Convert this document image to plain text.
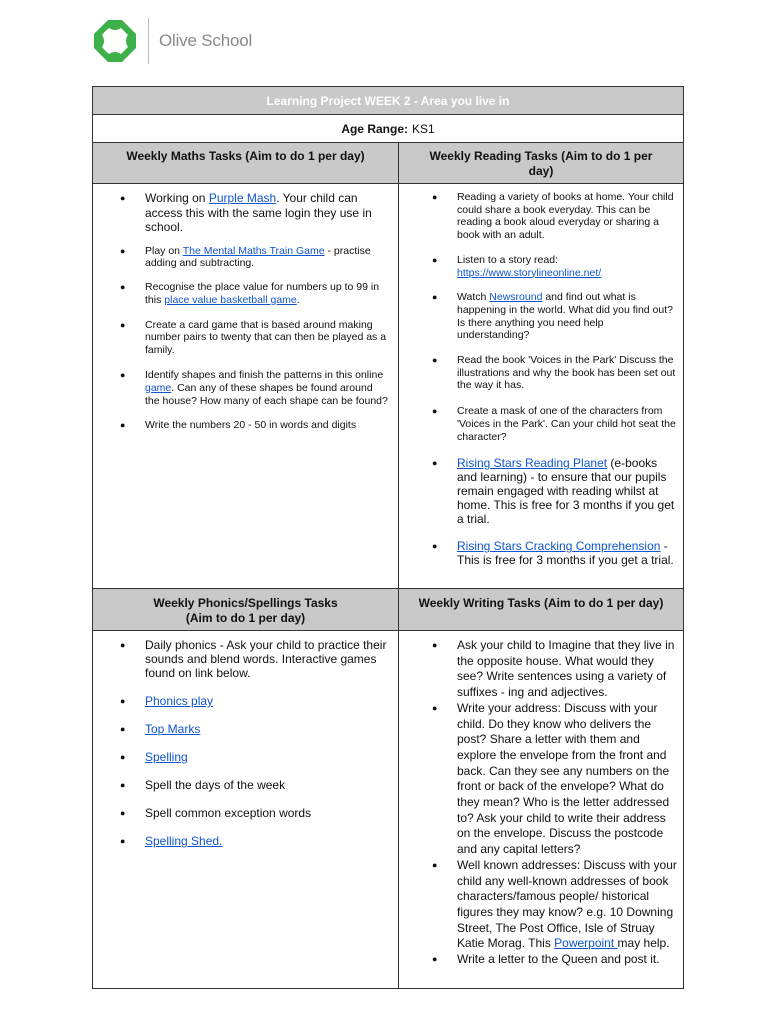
Olive School
Learning Project WEEK 2 - Area you live in
Age Range: KS1
Weekly Maths Tasks (Aim to do 1 per day)	Weekly Reading Tasks (Aim to do 1 per day)
● Working on Purple Mash. Your child can access this with the same login they use in school.
● Play on The Mental Maths Train Game - practise adding and subtracting.
● Recognise the place value for numbers up to 99 in this place value basketball game.
● Create a card game that is based around making number pairs to twenty that can then be played as a family.
● Identify shapes and finish the patterns in this online game. Can any of these shapes be found around the house? How many of each shape can be found?
● Write the numbers 20 - 50 in words and digits
● Reading a variety of books at home. Your child could share a book everyday. This can be reading a book aloud everyday or sharing a book with an adult.
● Listen to a story read: https://www.storylineonline.net/
● Watch Newsround and find out what is happening in the world. What did you find out? Is there anything you need help understanding?
● Read the book 'Voices in the Park' Discuss the illustrations and why the book has been set out the way it has.
● Create a mask of one of the characters from 'Voices in the Park'. Can your child hot seat the character?
● Rising Stars Reading Planet (e-books and learning) - to ensure that our pupils remain engaged with reading whilst at home. This is free for 3 months if you get a trial.
● Rising Stars Cracking Comprehension - This is free for 3 months if you get a trial.
Weekly Phonics/Spellings Tasks (Aim to do 1 per day)
Weekly Writing Tasks (Aim to do 1 per day)
● Daily phonics - Ask your child to practice their sounds and blend words. Interactive games found on link below.
● Phonics play
● Top Marks
● Spelling
● Spell the days of the week
● Spell common exception words
● Spelling Shed.
● Ask your child to Imagine that they live in the opposite house. What would they see? Write sentences using a variety of suffixes - ing and adjectives.
● Write your address: Discuss with your child. Do they know who delivers the post? Share a letter with them and explore the envelope from the front and back. Can they see any numbers on the front or back of the envelope? What do they mean? Who is the letter addressed to? Ask your child to write their address on the envelope. Discuss the postcode and any capital letters?
● Well known addresses: Discuss with your child any well-known addresses of book characters/famous people/ historical figures they may know? e.g. 10 Downing Street, The Post Office, Isle of Struay Katie Morag. This Powerpoint may help.
● Write a letter to the Queen and post it.
